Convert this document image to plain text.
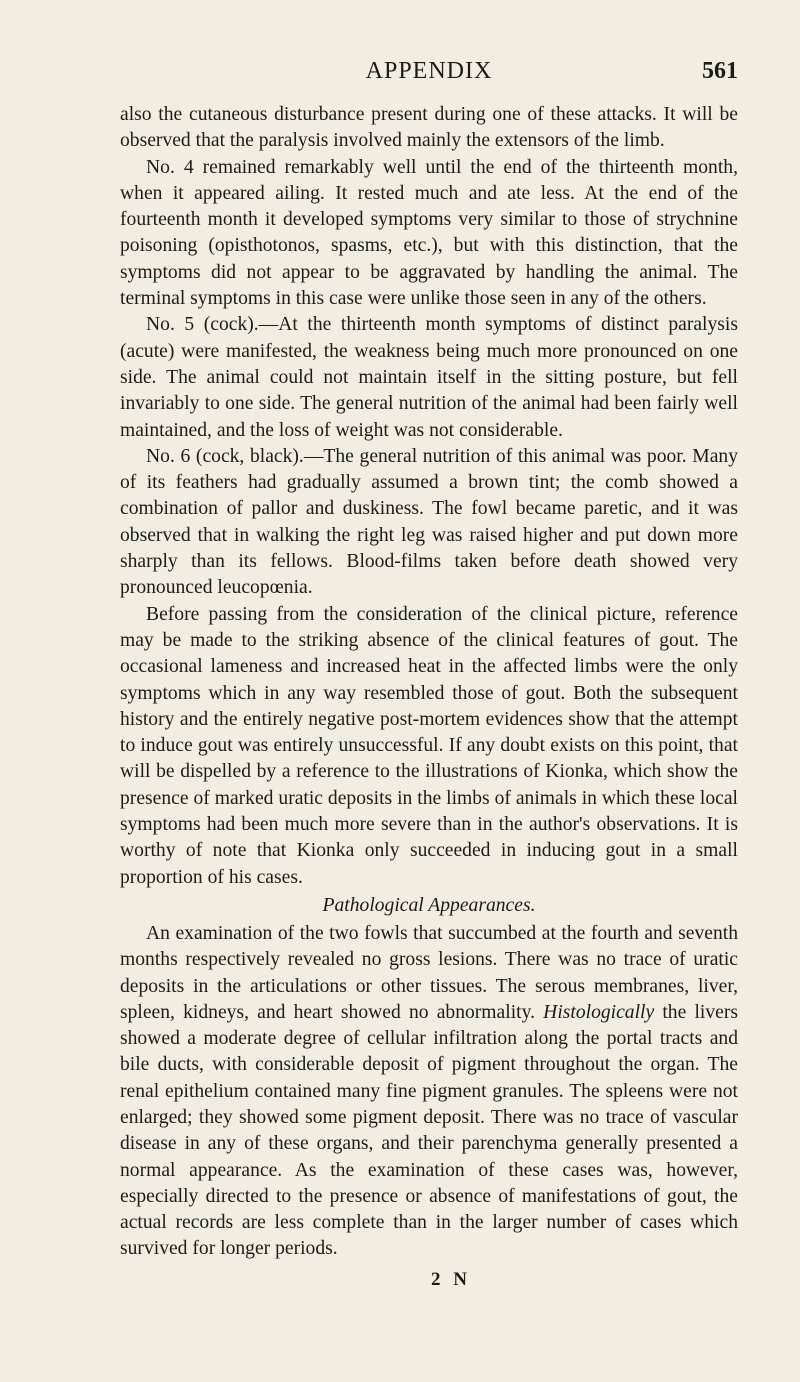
APPENDIX	561

also the cutaneous disturbance present during one of these attacks. It will be observed that the paralysis involved mainly the extensors of the limb.

No. 4 remained remarkably well until the end of the thirteenth month, when it appeared ailing. It rested much and ate less. At the end of the fourteenth month it developed symptoms very similar to those of strychnine poisoning (opisthotonos, spasms, etc.), but with this distinction, that the symptoms did not appear to be aggravated by handling the animal. The terminal symptoms in this case were unlike those seen in any of the others.

No. 5 (cock).—At the thirteenth month symptoms of distinct paralysis (acute) were manifested, the weakness being much more pronounced on one side. The animal could not maintain itself in the sitting posture, but fell invariably to one side. The general nutrition of the animal had been fairly well maintained, and the loss of weight was not considerable.

No. 6 (cock, black).—The general nutrition of this animal was poor. Many of its feathers had gradually assumed a brown tint; the comb showed a combination of pallor and duskiness. The fowl became paretic, and it was observed that in walking the right leg was raised higher and put down more sharply than its fellows. Blood-films taken before death showed very pronounced leucopœnia.

Before passing from the consideration of the clinical picture, reference may be made to the striking absence of the clinical features of gout. The occasional lameness and increased heat in the affected limbs were the only symptoms which in any way resembled those of gout. Both the subsequent history and the entirely negative post-mortem evidences show that the attempt to induce gout was entirely unsuccessful. If any doubt exists on this point, that will be dispelled by a reference to the illustrations of Kionka, which show the presence of marked uratic deposits in the limbs of animals in which these local symptoms had been much more severe than in the author's observations. It is worthy of note that Kionka only succeeded in inducing gout in a small proportion of his cases.

Pathological Appearances.

An examination of the two fowls that succumbed at the fourth and seventh months respectively revealed no gross lesions. There was no trace of uratic deposits in the articulations or other tissues. The serous membranes, liver, spleen, kidneys, and heart showed no abnormality. Histologically the livers showed a moderate degree of cellular infiltration along the portal tracts and bile ducts, with considerable deposit of pigment throughout the organ. The renal epithelium contained many fine pigment granules. The spleens were not enlarged; they showed some pigment deposit. There was no trace of vascular disease in any of these organs, and their parenchyma generally presented a normal appearance. As the examination of these cases was, however, especially directed to the presence or absence of manifestations of gout, the actual records are less complete than in the larger number of cases which survived for longer periods.

2 N
